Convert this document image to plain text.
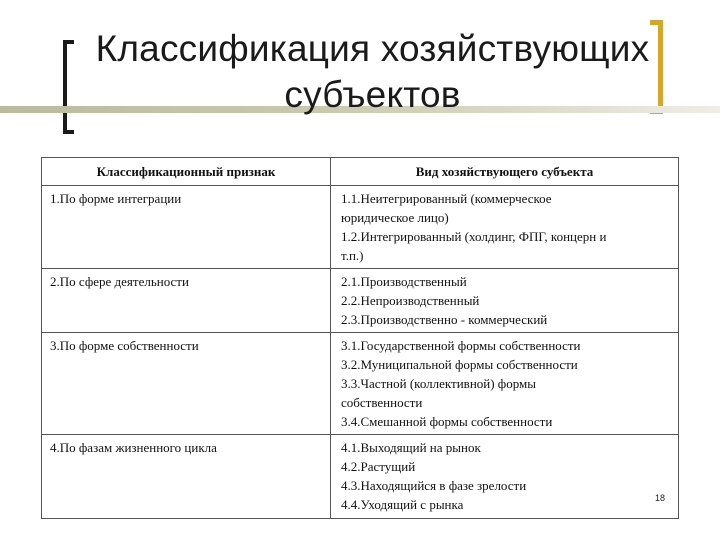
Классификация хозяйствующих
субъектов
Классификационный признак	Вид хозяйствующего субъекта
1.По форме интеграции	1.1.Неитегрированный (коммерческое
юридическое лицо)
1.2.Интегрированный (холдинг, ФПГ, концерн и
т.п.)

2.По сфере деятельности	2.1.Производственный
2.2.Непроизводственный
2.3.Производственно - коммерческий

3.По форме собственности	3.1.Государственной формы собственности
3.2.Муниципальной формы собственности
3.3.Частной (коллективной) формы
собственности
3.4.Смешанной формы собственности

4.По фазам жизненного цикла	4.1.Выходящий на рынок
4.2.Растущий
4.3.Находящийся в фазе зрелости
4.4.Уходящий с рынка	18
